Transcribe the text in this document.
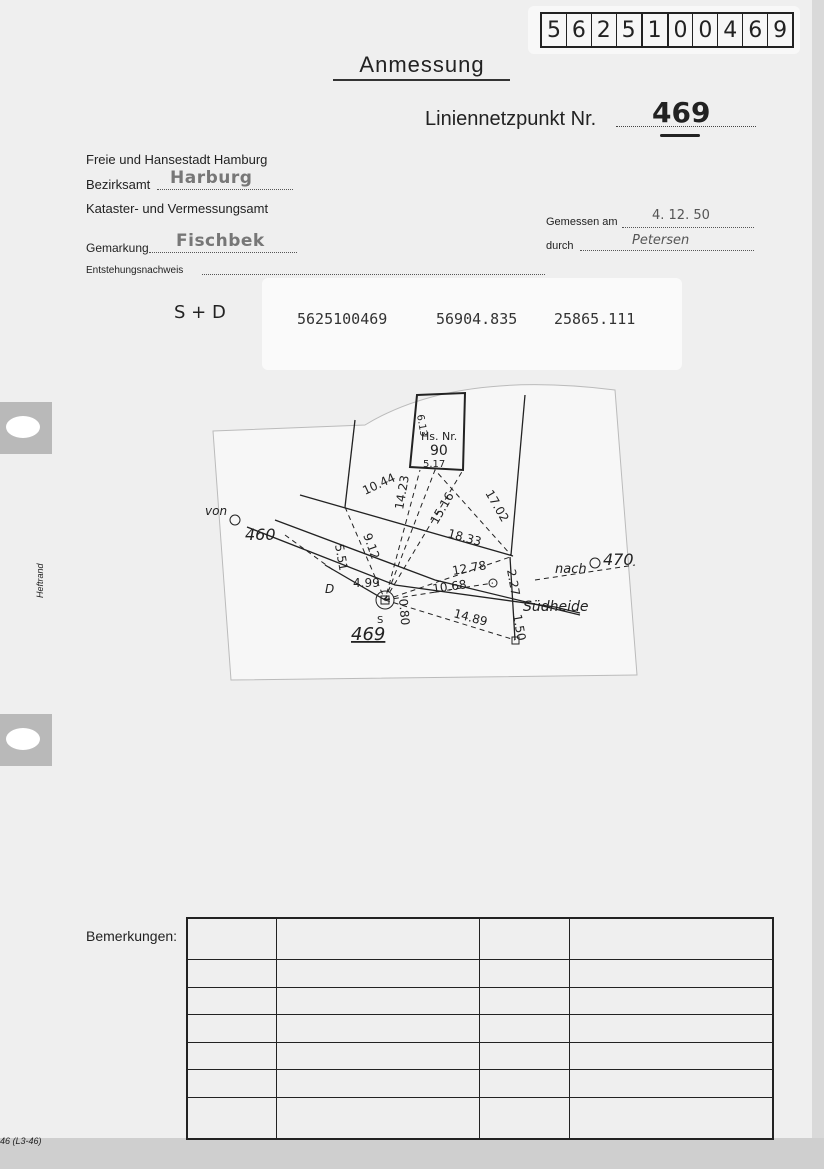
5 6 2 5 1 0 0 4 6 9
Anmessung
Liniennetzpunkt Nr. 469
Freie und Hansestadt Hamburg
Bezirksamt Harburg
Kataster- und Vermessungsamt
Gemarkung Fischbek
Entstehungsnachweis
Gemessen am	4. 12. 50
durch	Petersen
S + D	5625100469	56904.835 25865.111
Hs. Nr.
90
von
460
nach
470
Südheide
D
S
469
10.44
14.23 15.16 17.02
18.33
9.12
5.51
4.99
0.80
10.68
12.78
2.27
14.89 1.50
6.13
5.17
Heftrand
Bemerkungen:

46 (L3-46)
